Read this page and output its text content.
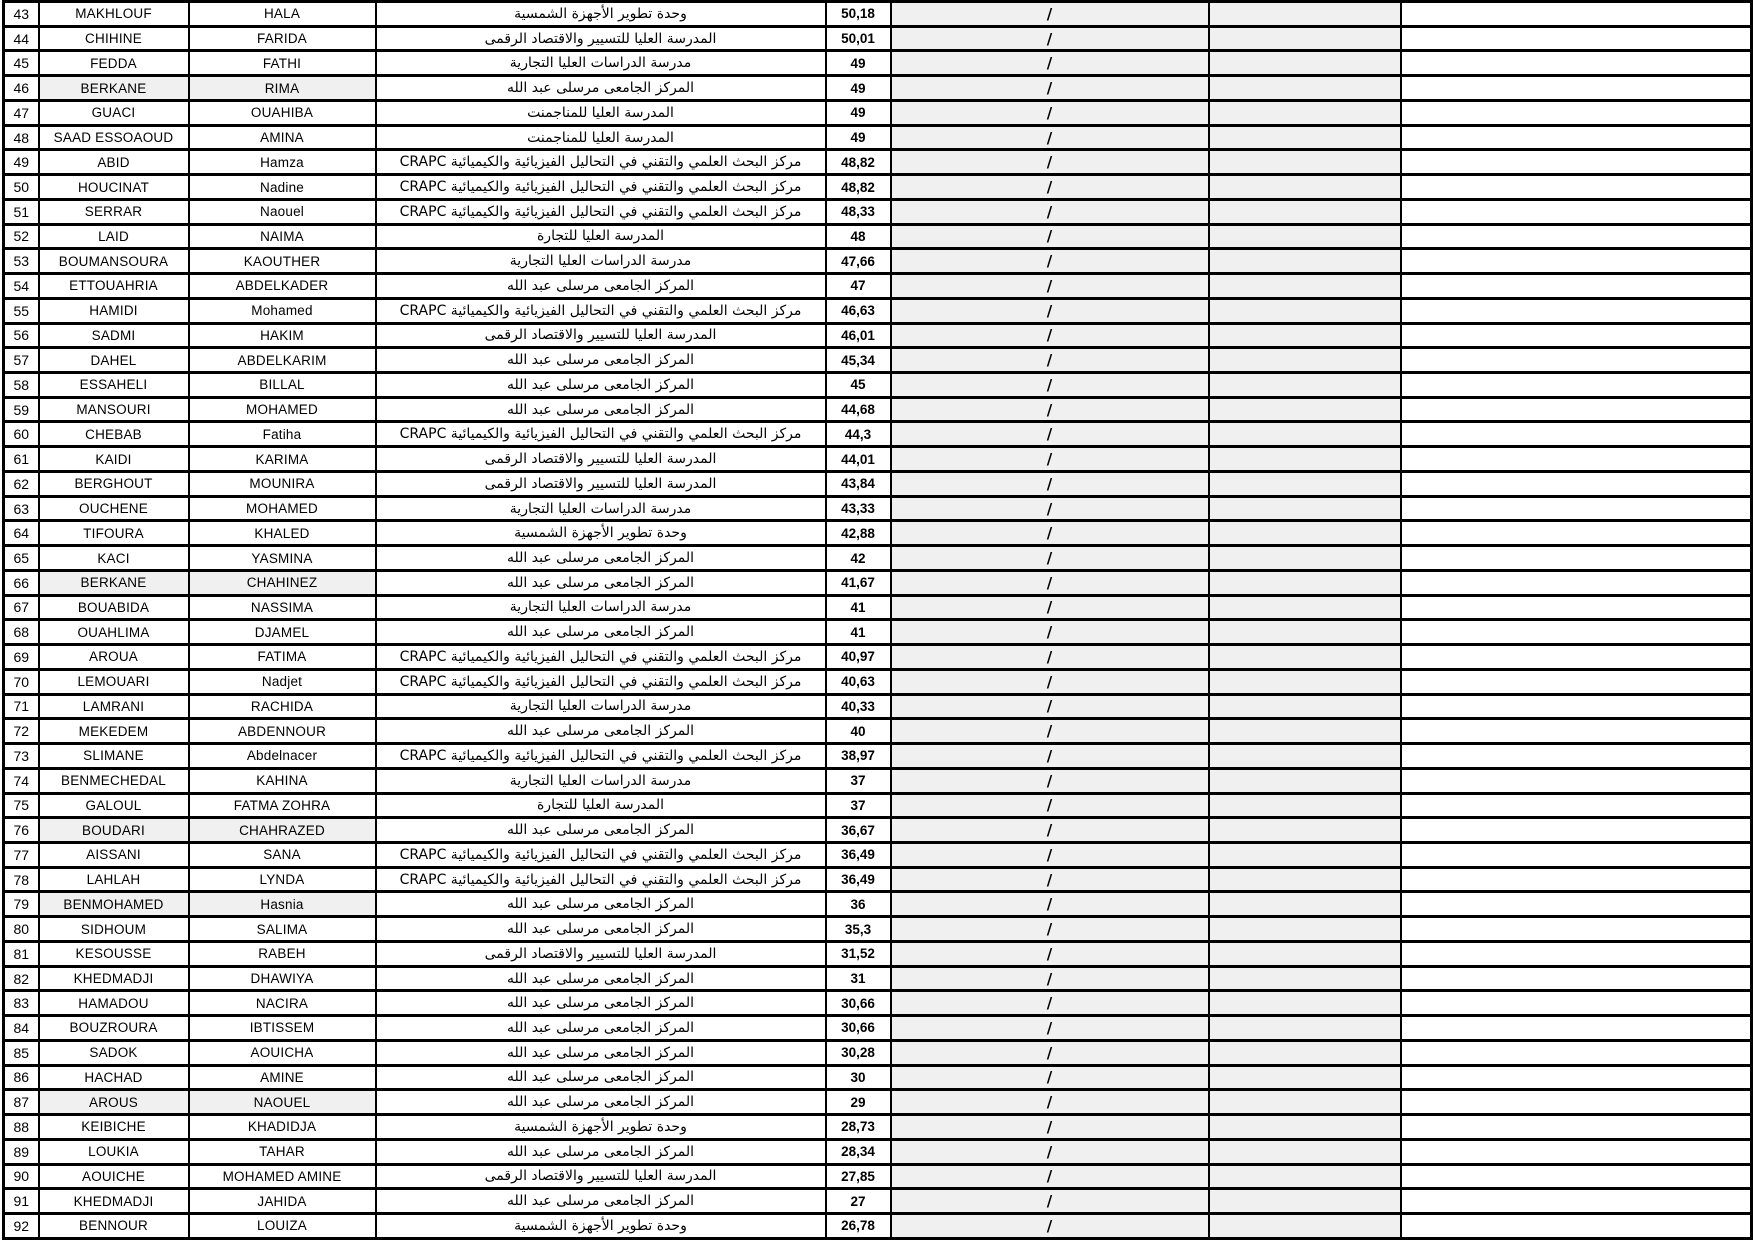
43	MAKHLOUF	HALA	وحدة تطوير الأجهزة الشمسية	50,18	/		
44	CHIHINE	FARIDA	المدرسة العليا للتسيير والاقتصاد الرقمى	50,01	/		
45	FEDDA	FATHI	مدرسة الدراسات العليا التجارية	49	/		
46	BERKANE	RIMA	المركز الجامعى مرسلى عبد الله	49	/		
47	GUACI	OUAHIBA	المدرسة العليا للمناجمنت	49	/		
48	SAAD ESSOAOUD	AMINA	المدرسة العليا للمناجمنت	49	/		
49	ABID	Hamza	مركز البحث العلمي والتقني في التحاليل الفيزيائية والكيميائية CRAPC	48,82	/		
50	HOUCINAT	Nadine	مركز البحث العلمي والتقني في التحاليل الفيزيائية والكيميائية CRAPC	48,82	/		
51	SERRAR	Naouel	مركز البحث العلمي والتقني في التحاليل الفيزيائية والكيميائية CRAPC	48,33	/		
52	LAID	NAIMA	المدرسة العليا للتجارة	48	/		
53	BOUMANSOURA	KAOUTHER	مدرسة الدراسات العليا التجارية	47,66	/		
54	ETTOUAHRIA	ABDELKADER	المركز الجامعى مرسلى عبد الله	47	/		
55	HAMIDI	Mohamed	مركز البحث العلمي والتقني في التحاليل الفيزيائية والكيميائية CRAPC	46,63	/		
56	SADMI	HAKIM	المدرسة العليا للتسيير والاقتصاد الرقمى	46,01	/		
57	DAHEL	ABDELKARIM	المركز الجامعى مرسلى عبد الله	45,34	/		
58	ESSAHELI	BILLAL	المركز الجامعى مرسلى عبد الله	45	/		
59	MANSOURI	MOHAMED	المركز الجامعى مرسلى عبد الله	44,68	/		
60	CHEBAB	Fatiha	مركز البحث العلمي والتقني في التحاليل الفيزيائية والكيميائية CRAPC	44,3	/		
61	KAIDI	KARIMA	المدرسة العليا للتسيير والاقتصاد الرقمى	44,01	/		
62	BERGHOUT	MOUNIRA	المدرسة العليا للتسيير والاقتصاد الرقمى	43,84	/		
63	OUCHENE	MOHAMED	مدرسة الدراسات العليا التجارية	43,33	/		
64	TIFOURA	KHALED	وحدة تطوير الأجهزة الشمسية	42,88	/		
65	KACI	YASMINA	المركز الجامعى مرسلى عبد الله	42	/		
66	BERKANE	CHAHINEZ	المركز الجامعى مرسلى عبد الله	41,67	/		
67	BOUABIDA	NASSIMA	مدرسة الدراسات العليا التجارية	41	/		
68	OUAHLIMA	DJAMEL	المركز الجامعى مرسلى عبد الله	41	/		
69	AROUA	FATIMA	مركز البحث العلمي والتقني في التحاليل الفيزيائية والكيميائية CRAPC	40,97	/		
70	LEMOUARI	Nadjet	مركز البحث العلمي والتقني في التحاليل الفيزيائية والكيميائية CRAPC	40,63	/		
71	LAMRANI	RACHIDA	مدرسة الدراسات العليا التجارية	40,33	/		
72	MEKEDEM	ABDENNOUR	المركز الجامعى مرسلى عبد الله	40	/		
73	SLIMANE	Abdelnacer	مركز البحث العلمي والتقني في التحاليل الفيزيائية والكيميائية CRAPC	38,97	/		
74	BENMECHEDAL	KAHINA	مدرسة الدراسات العليا التجارية	37	/		
75	GALOUL	FATMA ZOHRA	المدرسة العليا للتجارة	37	/		
76	BOUDARI	CHAHRAZED	المركز الجامعى مرسلى عبد الله	36,67	/		
77	AISSANI	SANA	مركز البحث العلمي والتقني في التحاليل الفيزيائية والكيميائية CRAPC	36,49	/		
78	LAHLAH	LYNDA	مركز البحث العلمي والتقني في التحاليل الفيزيائية والكيميائية CRAPC	36,49	/		
79	BENMOHAMED	Hasnia	المركز الجامعى مرسلى عبد الله	36	/		
80	SIDHOUM	SALIMA	المركز الجامعى مرسلى عبد الله	35,3	/		
81	KESOUSSE	RABEH	المدرسة العليا للتسيير والاقتصاد الرقمى	31,52	/		
82	KHEDMADJI	DHAWIYA	المركز الجامعى مرسلى عبد الله	31	/		
83	HAMADOU	NACIRA	المركز الجامعى مرسلى عبد الله	30,66	/		
84	BOUZROURA	IBTISSEM	المركز الجامعى مرسلى عبد الله	30,66	/		
85	SADOK	AOUICHA	المركز الجامعى مرسلى عبد الله	30,28	/		
86	HACHAD	AMINE	المركز الجامعى مرسلى عبد الله	30	/		
87	AROUS	NAOUEL	المركز الجامعى مرسلى عبد الله	29	/		
88	KEIBICHE	KHADIDJA	وحدة تطوير الأجهزة الشمسية	28,73	/		
89	LOUKIA	TAHAR	المركز الجامعى مرسلى عبد الله	28,34	/		
90	AOUICHE	MOHAMED AMINE	المدرسة العليا للتسيير والاقتصاد الرقمى	27,85	/		
91	KHEDMADJI	JAHIDA	المركز الجامعى مرسلى عبد الله	27	/		
92	BENNOUR	LOUIZA	وحدة تطوير الأجهزة الشمسية	26,78	/		
